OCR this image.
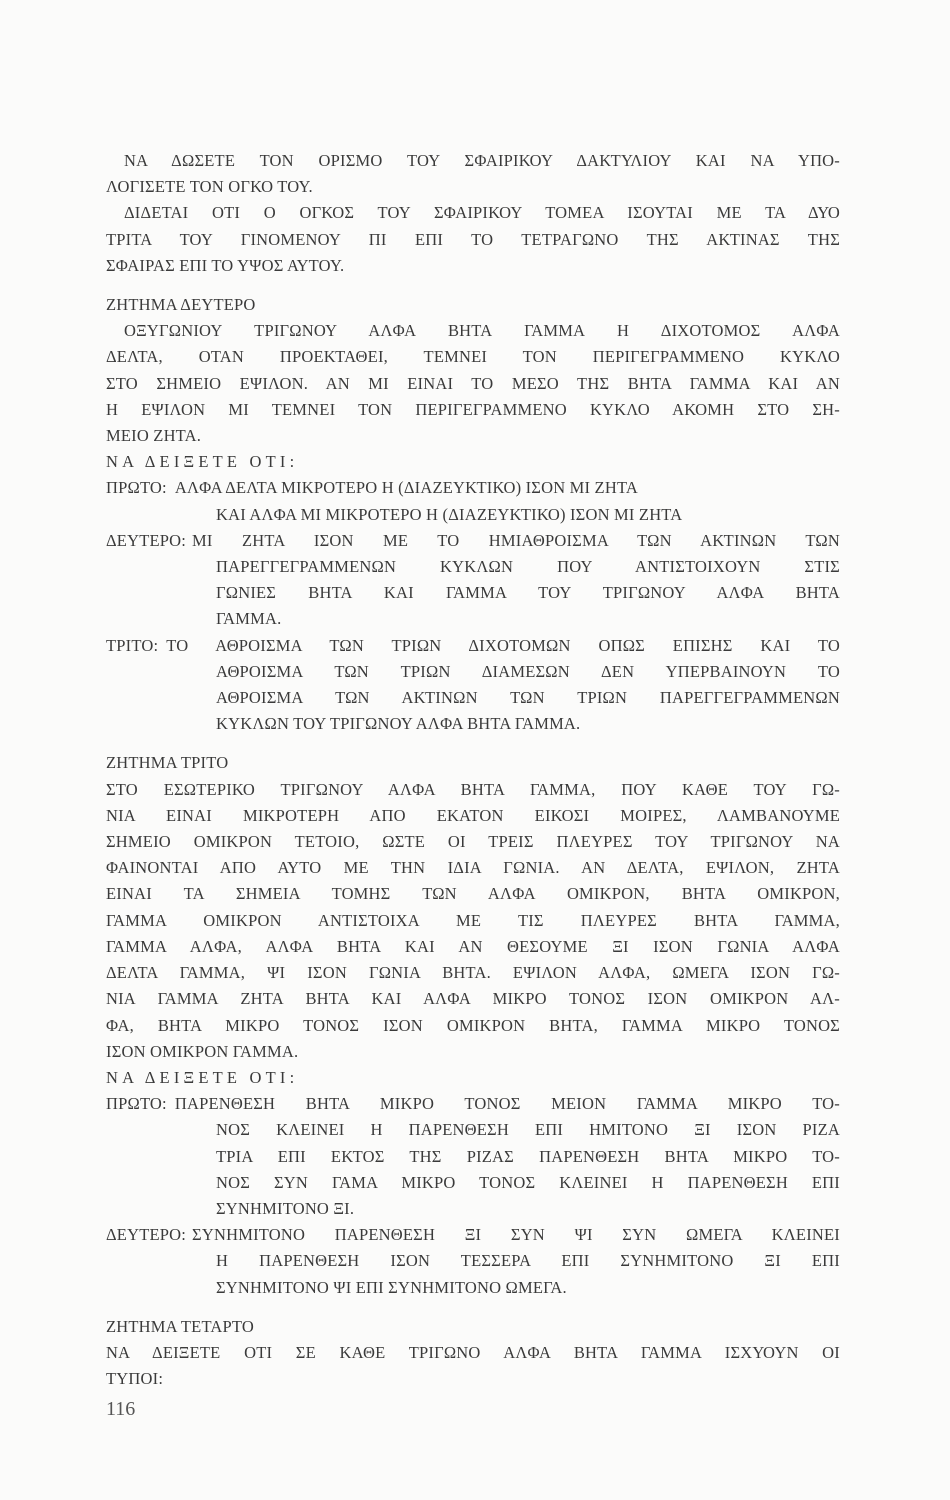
ΝΑ ΔΩΣΕΤΕ ΤΟΝ ΟΡΙΣΜΟ ΤΟΥ ΣΦΑΙΡΙΚΟΥ ΔΑΚΤΥΛΙΟΥ ΚΑΙ ΝΑ ΥΠΟ-
ΛΟΓΙΣΕΤΕ ΤΟΝ ΟΓΚΟ ΤΟΥ.
ΔΙΔΕΤΑΙ ΟΤΙ Ο ΟΓΚΟΣ ΤΟΥ ΣΦΑΙΡΙΚΟΥ ΤΟΜΕΑ ΙΣΟΥΤΑΙ ΜΕ ΤΑ ΔΥΟ
ΤΡΙΤΑ ΤΟΥ ΓΙΝΟΜΕΝΟΥ ΠΙ ΕΠΙ ΤΟ ΤΕΤΡΑΓΩΝΟ ΤΗΣ ΑΚΤΙΝΑΣ ΤΗΣ
ΣΦΑΙΡΑΣ ΕΠΙ ΤΟ ΥΨΟΣ ΑΥΤΟΥ.
ΖΗΤΗΜΑ ΔΕΥΤΕΡΟ
ΟΞΥΓΩΝΙΟΥ ΤΡΙΓΩΝΟΥ ΑΛΦΑ ΒΗΤΑ ΓΑΜΜΑ Η ΔΙΧΟΤΟΜΟΣ ΑΛΦΑ
ΔΕΛΤΑ, ΟΤΑΝ ΠΡΟΕΚΤΑΘΕΙ, ΤΕΜΝΕΙ ΤΟΝ ΠΕΡΙΓΕΓΡΑΜΜΕΝΟ ΚΥΚΛΟ
ΣΤΟ ΣΗΜΕΙΟ ΕΨΙΛΟΝ. ΑΝ ΜΙ ΕΙΝΑΙ ΤΟ ΜΕΣΟ ΤΗΣ ΒΗΤΑ ΓΑΜΜΑ ΚΑΙ ΑΝ
Η ΕΨΙΛΟΝ ΜΙ ΤΕΜΝΕΙ ΤΟΝ ΠΕΡΙΓΕΓΡΑΜΜΕΝΟ ΚΥΚΛΟ ΑΚΟΜΗ ΣΤΟ ΣΗ-
ΜΕΙΟ ΖΗΤΑ.
ΝΑ ΔΕΙΞΕΤΕ ΟΤΙ:
ΠΡΩΤΟ: ΑΛΦΑ ΔΕΛΤΑ ΜΙΚΡΟΤΕΡΟ Η (ΔΙΑΖΕΥΚΤΙΚΟ) ΙΣΟΝ ΜΙ ΖΗΤΑ
ΚΑΙ ΑΛΦΑ ΜΙ ΜΙΚΡΟΤΕΡΟ Η (ΔΙΑΖΕΥΚΤΙΚΟ) ΙΣΟΝ ΜΙ ΖΗΤΑ
ΔΕΥΤΕΡΟ: ΜΙ ΖΗΤΑ ΙΣΟΝ ΜΕ ΤΟ ΗΜΙΑΘΡΟΙΣΜΑ ΤΩΝ ΑΚΤΙΝΩΝ ΤΩΝ
ΠΑΡΕΓΓΕΓΡΑΜΜΕΝΩΝ ΚΥΚΛΩΝ ΠΟΥ ΑΝΤΙΣΤΟΙΧΟΥΝ ΣΤΙΣ
ΓΩΝΙΕΣ ΒΗΤΑ ΚΑΙ ΓΑΜΜΑ ΤΟΥ ΤΡΙΓΩΝΟΥ ΑΛΦΑ ΒΗΤΑ
ΓΑΜΜΑ.
ΤΡΙΤΟ: ΤΟ ΑΘΡΟΙΣΜΑ ΤΩΝ ΤΡΙΩΝ ΔΙΧΟΤΟΜΩΝ ΟΠΩΣ ΕΠΙΣΗΣ ΚΑΙ ΤΟ
ΑΘΡΟΙΣΜΑ ΤΩΝ ΤΡΙΩΝ ΔΙΑΜΕΣΩΝ ΔΕΝ ΥΠΕΡΒΑΙΝΟΥΝ ΤΟ
ΑΘΡΟΙΣΜΑ ΤΩΝ ΑΚΤΙΝΩΝ ΤΩΝ ΤΡΙΩΝ ΠΑΡΕΓΓΕΓΡΑΜΜΕΝΩΝ
ΚΥΚΛΩΝ ΤΟΥ ΤΡΙΓΩΝΟΥ ΑΛΦΑ ΒΗΤΑ ΓΑΜΜΑ.
ΖΗΤΗΜΑ ΤΡΙΤΟ
ΣΤΟ ΕΣΩΤΕΡΙΚΟ ΤΡΙΓΩΝΟΥ ΑΛΦΑ ΒΗΤΑ ΓΑΜΜΑ, ΠΟΥ ΚΑΘΕ ΤΟΥ ΓΩ-
ΝΙΑ ΕΙΝΑΙ ΜΙΚΡΟΤΕΡΗ ΑΠΟ ΕΚΑΤΟΝ ΕΙΚΟΣΙ ΜΟΙΡΕΣ, ΛΑΜΒΑΝΟΥΜΕ
ΣΗΜΕΙΟ ΟΜΙΚΡΟΝ ΤΕΤΟΙΟ, ΩΣΤΕ ΟΙ ΤΡΕΙΣ ΠΛΕΥΡΕΣ ΤΟΥ ΤΡΙΓΩΝΟΥ ΝΑ
ΦΑΙΝΟΝΤΑΙ ΑΠΟ ΑΥΤΟ ΜΕ ΤΗΝ ΙΔΙΑ ΓΩΝΙΑ. ΑΝ ΔΕΛΤΑ, ΕΨΙΛΟΝ, ΖΗΤΑ
ΕΙΝΑΙ ΤΑ ΣΗΜΕΙΑ ΤΟΜΗΣ ΤΩΝ ΑΛΦΑ ΟΜΙΚΡΟΝ, ΒΗΤΑ ΟΜΙΚΡΟΝ,
ΓΑΜΜΑ ΟΜΙΚΡΟΝ ΑΝΤΙΣΤΟΙΧΑ ΜΕ ΤΙΣ ΠΛΕΥΡΕΣ ΒΗΤΑ ΓΑΜΜΑ,
ΓΑΜΜΑ ΑΛΦΑ, ΑΛΦΑ ΒΗΤΑ ΚΑΙ ΑΝ ΘΕΣΟΥΜΕ ΞΙ ΙΣΟΝ ΓΩΝΙΑ ΑΛΦΑ
ΔΕΛΤΑ ΓΑΜΜΑ, ΨΙ ΙΣΟΝ ΓΩΝΙΑ ΒΗΤΑ. ΕΨΙΛΟΝ ΑΛΦΑ, ΩΜΕΓΑ ΙΣΟΝ ΓΩ-
ΝΙΑ ΓΑΜΜΑ ΖΗΤΑ ΒΗΤΑ ΚΑΙ ΑΛΦΑ ΜΙΚΡΟ ΤΟΝΟΣ ΙΣΟΝ ΟΜΙΚΡΟΝ ΑΛ-
ΦΑ, ΒΗΤΑ ΜΙΚΡΟ ΤΟΝΟΣ ΙΣΟΝ ΟΜΙΚΡΟΝ ΒΗΤΑ, ΓΑΜΜΑ ΜΙΚΡΟ ΤΟΝΟΣ
ΙΣΟΝ ΟΜΙΚΡΟΝ ΓΑΜΜΑ.
ΝΑ ΔΕΙΞΕΤΕ ΟΤΙ:
ΠΡΩΤΟ: ΠΑΡΕΝΘΕΣΗ ΒΗΤΑ ΜΙΚΡΟ ΤΟΝΟΣ ΜΕΙΟΝ ΓΑΜΜΑ ΜΙΚΡΟ ΤΟ-
ΝΟΣ ΚΛΕΙΝΕΙ Η ΠΑΡΕΝΘΕΣΗ ΕΠΙ ΗΜΙΤΟΝΟ ΞΙ ΙΣΟΝ ΡΙΖΑ
ΤΡΙΑ ΕΠΙ ΕΚΤΟΣ ΤΗΣ ΡΙΖΑΣ ΠΑΡΕΝΘΕΣΗ ΒΗΤΑ ΜΙΚΡΟ ΤΟ-
ΝΟΣ ΣΥΝ ΓΑΜΑ ΜΙΚΡΟ ΤΟΝΟΣ ΚΛΕΙΝΕΙ Η ΠΑΡΕΝΘΕΣΗ ΕΠΙ
ΣΥΝΗΜΙΤΟΝΟ ΞΙ.
ΔΕΥΤΕΡΟ: ΣΥΝΗΜΙΤΟΝΟ ΠΑΡΕΝΘΕΣΗ ΞΙ ΣΥΝ ΨΙ ΣΥΝ ΩΜΕΓΑ ΚΛΕΙΝΕΙ
Η ΠΑΡΕΝΘΕΣΗ ΙΣΟΝ ΤΕΣΣΕΡΑ ΕΠΙ ΣΥΝΗΜΙΤΟΝΟ ΞΙ ΕΠΙ
ΣΥΝΗΜΙΤΟΝΟ ΨΙ ΕΠΙ ΣΥΝΗΜΙΤΟΝΟ ΩΜΕΓΑ.
ΖΗΤΗΜΑ ΤΕΤΑΡΤΟ
ΝΑ ΔΕΙΞΕΤΕ ΟΤΙ ΣΕ ΚΑΘΕ ΤΡΙΓΩΝΟ ΑΛΦΑ ΒΗΤΑ ΓΑΜΜΑ ΙΣΧΥΟΥΝ ΟΙ
ΤΥΠΟΙ:
116
